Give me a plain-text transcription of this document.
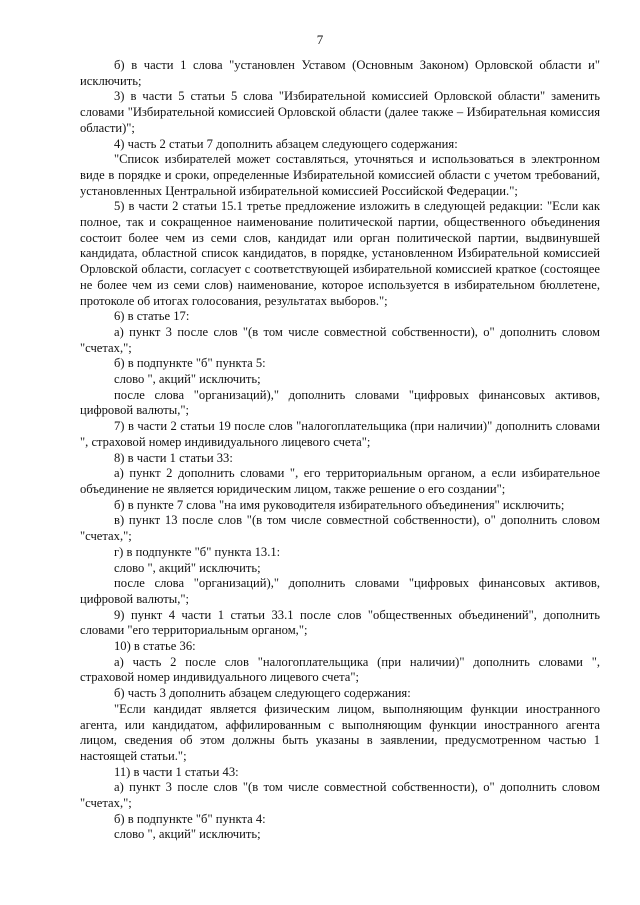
7

б) в части 1 слова "установлен Уставом (Основным Законом) Орловской области и" исключить;

3) в части 5 статьи 5 слова "Избирательной комиссией Орловской области" заменить словами "Избирательной комиссией Орловской области (далее также – Избирательная комиссия области)";

4) часть 2 статьи 7 дополнить абзацем следующего содержания:

"Список избирателей может составляться, уточняться и использоваться в электронном виде в порядке и сроки, определенные Избирательной комиссией области с учетом требований, установленных Центральной избирательной комиссией Российской Федерации.";

5) в части 2 статьи 15.1 третье предложение изложить в следующей редакции: "Если как полное, так и сокращенное наименование политической партии, общественного объединения состоит более чем из семи слов, кандидат или орган политической партии, выдвинувшей кандидата, областной список кандидатов, в порядке, установленном Избирательной комиссией Орловской области, согласует с соответствующей избирательной комиссией краткое (состоящее не более чем из семи слов) наименование, которое используется в избирательном бюллетене, протоколе об итогах голосования, результатах выборов.";

6) в статье 17:

а) пункт 3 после слов "(в том числе совместной собственности), о" дополнить словом "счетах,";

б) в подпункте "б" пункта 5:

слово ", акций" исключить;

после слова "организаций)," дополнить словами "цифровых финансовых активов, цифровой валюты,";

7) в части 2 статьи 19 после слов "налогоплательщика (при наличии)" дополнить словами ", страховой номер индивидуального лицевого счета";

8) в части 1 статьи 33:

а) пункт 2 дополнить словами ", его территориальным органом, а если избирательное объединение не является юридическим лицом, также решение о его создании";

б) в пункте 7 слова "на имя руководителя избирательного объединения" исключить;

в) пункт 13 после слов "(в том числе совместной собственности), о" дополнить словом "счетах,";

г) в подпункте "б" пункта 13.1:

слово ", акций" исключить;

после слова "организаций)," дополнить словами "цифровых финансовых активов, цифровой валюты,";

9) пункт 4 части 1 статьи 33.1 после слов "общественных объединений", дополнить словами "его территориальным органом,";

10) в статье 36:

а) часть 2 после слов "налогоплательщика (при наличии)" дополнить словами ", страховой номер индивидуального лицевого счета";

б) часть 3 дополнить абзацем следующего содержания:

"Если кандидат является физическим лицом, выполняющим функции иностранного агента, или кандидатом, аффилированным с выполняющим функции иностранного агента лицом, сведения об этом должны быть указаны в заявлении, предусмотренном частью 1 настоящей статьи.";

11) в части 1 статьи 43:

а) пункт 3 после слов "(в том числе совместной собственности), о" дополнить словом "счетах,";

б) в подпункте "б" пункта 4:

слово ", акций" исключить;
